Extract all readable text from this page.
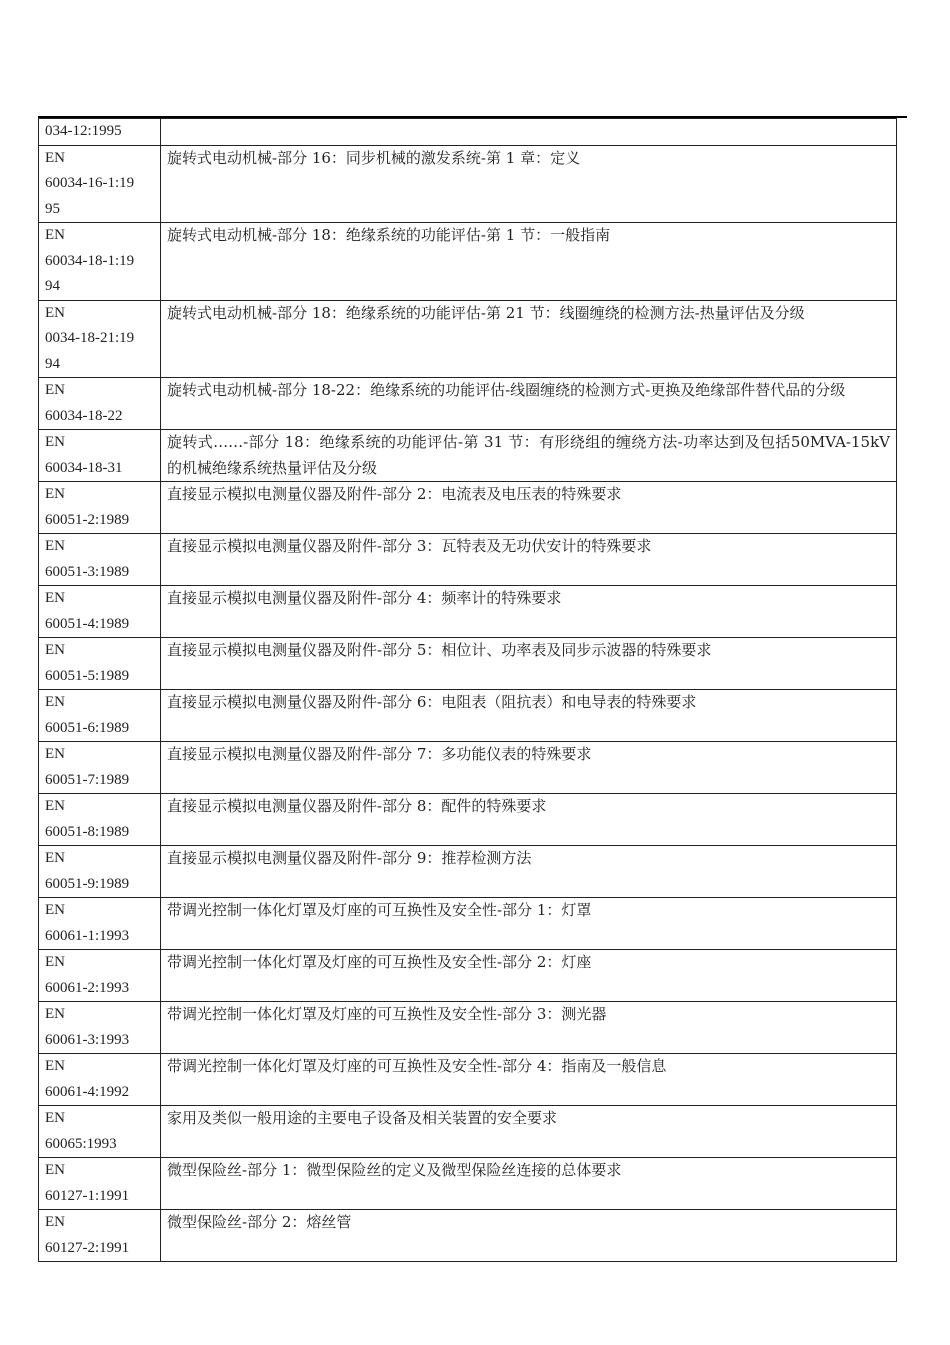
034-12:1995	

EN
60034-16-1:19
95	旋转式电动机械-部分 16：同步机械的激发系统-第 1 章：定义

EN
60034-18-1:19
94	旋转式电动机械-部分 18：绝缘系统的功能评估-第 1 节：一般指南

EN
0034-18-21:19
94	旋转式电动机械-部分 18：绝缘系统的功能评估-第 21 节：线圈缠绕的检测方法-热量评估及分级

EN
60034-18-22	旋转式电动机械-部分 18-22：绝缘系统的功能评估-线圈缠绕的检测方式-更换及绝缘部件替代品的分级

EN
60034-18-31	旋转式……-部分 18：绝缘系统的功能评估-第 31 节：有形绕组的缠绕方法-功率达到及包括50MVA-15kV 的机械绝缘系统热量评估及分级

EN
60051-2:1989	直接显示模拟电测量仪器及附件-部分 2：电流表及电压表的特殊要求

EN
60051-3:1989	直接显示模拟电测量仪器及附件-部分 3：瓦特表及无功伏安计的特殊要求

EN
60051-4:1989	直接显示模拟电测量仪器及附件-部分 4：频率计的特殊要求

EN
60051-5:1989	直接显示模拟电测量仪器及附件-部分 5：相位计、功率表及同步示波器的特殊要求

EN
60051-6:1989	直接显示模拟电测量仪器及附件-部分 6：电阻表（阻抗表）和电导表的特殊要求

EN
60051-7:1989	直接显示模拟电测量仪器及附件-部分 7：多功能仪表的特殊要求

EN
60051-8:1989	直接显示模拟电测量仪器及附件-部分 8：配件的特殊要求

EN
60051-9:1989	直接显示模拟电测量仪器及附件-部分 9：推荐检测方法

EN
60061-1:1993	带调光控制一体化灯罩及灯座的可互换性及安全性-部分 1：灯罩

EN
60061-2:1993	带调光控制一体化灯罩及灯座的可互换性及安全性-部分 2：灯座

EN
60061-3:1993	带调光控制一体化灯罩及灯座的可互换性及安全性-部分 3：测光器

EN
60061-4:1992	带调光控制一体化灯罩及灯座的可互换性及安全性-部分 4：指南及一般信息

EN
60065:1993	家用及类似一般用途的主要电子设备及相关装置的安全要求

EN
60127-1:1991	微型保险丝-部分 1：微型保险丝的定义及微型保险丝连接的总体要求

EN
60127-2:1991	微型保险丝-部分 2：熔丝管
